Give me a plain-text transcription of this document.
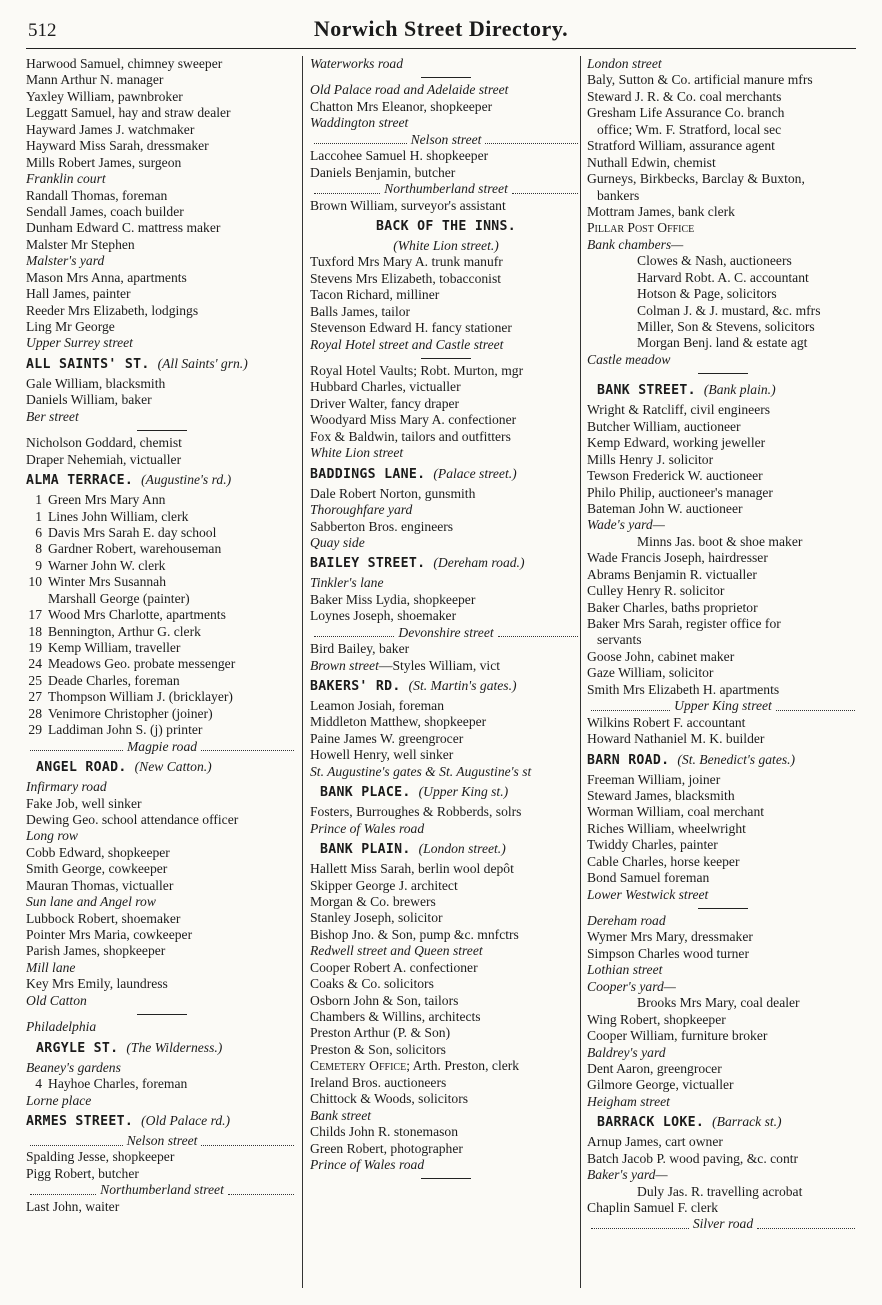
512	Norwich Street Directory.
Harwood Samuel, chimney sweeper
Mann Arthur N. manager
Yaxley William, pawnbroker
Leggatt Samuel, hay and straw dealer
Hayward James J. watchmaker
Hayward Miss Sarah, dressmaker
Mills Robert James, surgeon
Franklin court
Randall Thomas, foreman
Sendall James, coach builder
Dunham Edward C. mattress maker
Malster Mr Stephen
Malster's yard
Mason Mrs Anna, apartments
Hall James, painter
Reeder Mrs Elizabeth, lodgings
Ling Mr George
Upper Surrey street
ALL SAINTS' ST. (All Saints' grn.)
Gale William, blacksmith
Daniels William, baker
Ber street
Nicholson Goddard, chemist
Draper Nehemiah, victualler
ALMA TERRACE. (Augustine's rd.)
1 Green Mrs Mary Ann
1 Lines John William, clerk
6 Davis Mrs Sarah E. day school
8 Gardner Robert, warehouseman
9 Warner John W. clerk
10 Winter Mrs Susannah
Marshall George (painter)
17 Wood Mrs Charlotte, apartments
18 Bennington, Arthur G. clerk
19 Kemp William, traveller
24 Meadows Geo. probate messenger
25 Deade Charles, foreman
27 Thompson William J. (bricklayer)
28 Venimore Christopher (joiner)
29 Laddiman John S. (j) printer
Magpie road
ANGEL ROAD. (New Catton.)
Infirmary road
Fake Job, well sinker
Dewing Geo. school attendance officer
Long row
Cobb Edward, shopkeeper
Smith George, cowkeeper
Mauran Thomas, victualler
Sun lane and Angel row
Lubbock Robert, shoemaker
Pointer Mrs Maria, cowkeeper
Parish James, shopkeeper
Mill lane
Key Mrs Emily, laundress
Old Catton
Philadelphia
ARGYLE ST. (The Wilderness.)
Beaney's gardens
4 Hayhoe Charles, foreman
Lorne place
ARMES STREET. (Old Palace rd.)
Nelson street
Spalding Jesse, shopkeeper
Pigg Robert, butcher
Northumberland street
Last John, waiter
Waterworks road
Old Palace road and Adelaide street
Chatton Mrs Eleanor, shopkeeper
Waddington street
Nelson street
Laccohee Samuel H. shopkeeper
Daniels Benjamin, butcher
Northumberland street
Brown William, surveyor's assistant
BACK OF THE INNS.
(White Lion street.)
Tuxford Mrs Mary A. trunk manufr
Stevens Mrs Elizabeth, tobacconist
Tacon Richard, milliner
Balls James, tailor
Stevenson Edward H. fancy stationer
Royal Hotel street and Castle street
Royal Hotel Vaults; Robt. Murton, mgr
Hubbard Charles, victualler
Driver Walter, fancy draper
Woodyard Miss Mary A. confectioner
Fox & Baldwin, tailors and outfitters
White Lion street
BADDINGS LANE. (Palace street.)
Dale Robert Norton, gunsmith
Thoroughfare yard
Sabberton Bros. engineers
Quay side
BAILEY STREET. (Dereham road.)
Tinkler's lane
Baker Miss Lydia, shopkeeper
Loynes Joseph, shoemaker
Devonshire street
Bird Bailey, baker
Brown street—Styles William, vict
BAKERS' RD. (St. Martin's gates.)
Leamon Josiah, foreman
Middleton Matthew, shopkeeper
Paine James W. greengrocer
Howell Henry, well sinker
St. Augustine's gates & St. Augustine's st
BANK PLACE. (Upper King st.)
Fosters, Burroughes & Robberds, solrs
Prince of Wales road
BANK PLAIN. (London street.)
Hallett Miss Sarah, berlin wool depôt
Skipper George J. architect
Morgan & Co. brewers
Stanley Joseph, solicitor
Bishop Jno. & Son, pump &c. mnfctrs
Redwell street and Queen street
Cooper Robert A. confectioner
Coaks & Co. solicitors
Osborn John & Son, tailors
Chambers & Willins, architects
Preston Arthur (P. & Son)
Preston & Son, solicitors
Cemetery Office; Arth. Preston, clerk
Ireland Bros. auctioneers
Chittock & Woods, solicitors
Bank street
Childs John R. stonemason
Green Robert, photographer
Prince of Wales road
London street
Baly, Sutton & Co. artificial manure mfrs
Steward J. R. & Co. coal merchants
Gresham Life Assurance Co. branch
office; Wm. F. Stratford, local sec
Stratford William, assurance agent
Nuthall Edwin, chemist
Gurneys, Birkbecks, Barclay & Buxton,
bankers
Mottram James, bank clerk
Pillar Post Office
Bank chambers—
Clowes & Nash, auctioneers
Harvard Robt. A. C. accountant
Hotson & Page, solicitors
Colman J. & J. mustard, &c. mfrs
Miller, Son & Stevens, solicitors
Morgan Benj. land & estate agt
Castle meadow
BANK STREET. (Bank plain.)
Wright & Ratcliff, civil engineers
Butcher William, auctioneer
Kemp Edward, working jeweller
Mills Henry J. solicitor
Tewson Frederick W. auctioneer
Philo Philip, auctioneer's manager
Bateman John W. auctioneer
Wade's yard—
Minns Jas. boot & shoe maker
Wade Francis Joseph, hairdresser
Abrams Benjamin R. victualler
Culley Henry R. solicitor
Baker Charles, baths proprietor
Baker Mrs Sarah, register office for
servants
Goose John, cabinet maker
Gaze William, solicitor
Smith Mrs Elizabeth H. apartments
Upper King street
Wilkins Robert F. accountant
Howard Nathaniel M. K. builder
BARN ROAD. (St. Benedict's gates.)
Freeman William, joiner
Steward James, blacksmith
Worman William, coal merchant
Riches William, wheelwright
Twiddy Charles, painter
Cable Charles, horse keeper
Bond Samuel foreman
Lower Westwick street
Dereham road
Wymer Mrs Mary, dressmaker
Simpson Charles wood turner
Lothian street
Cooper's yard—
Brooks Mrs Mary, coal dealer
Wing Robert, shopkeeper
Cooper William, furniture broker
Baldrey's yard
Dent Aaron, greengrocer
Gilmore George, victualler
Heigham street
BARRACK LOKE. (Barrack st.)
Arnup James, cart owner
Batch Jacob P. wood paving, &c. contr
Baker's yard—
Duly Jas. R. travelling acrobat
Chaplin Samuel F. clerk
Silver road
